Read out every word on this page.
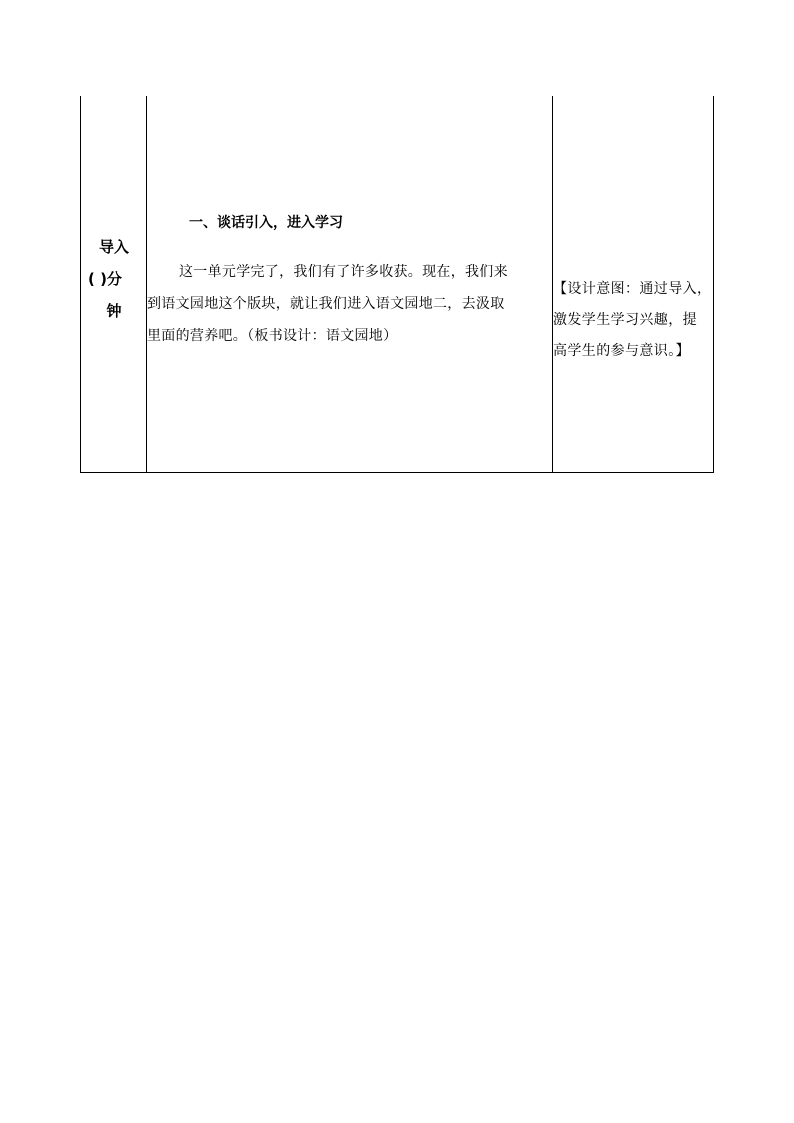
导入
( )分
钟
一、谈话引入，进入学习

这一单元学完了，我们有了许多收获。现在，我们来
到语文园地这个版块，就让我们进入语文园地二，去汲取
里面的营养吧。（板书设计：语文园地）

【设计意图：通过导入，
激发学生学习兴趣，提
高学生的参与意识。】
